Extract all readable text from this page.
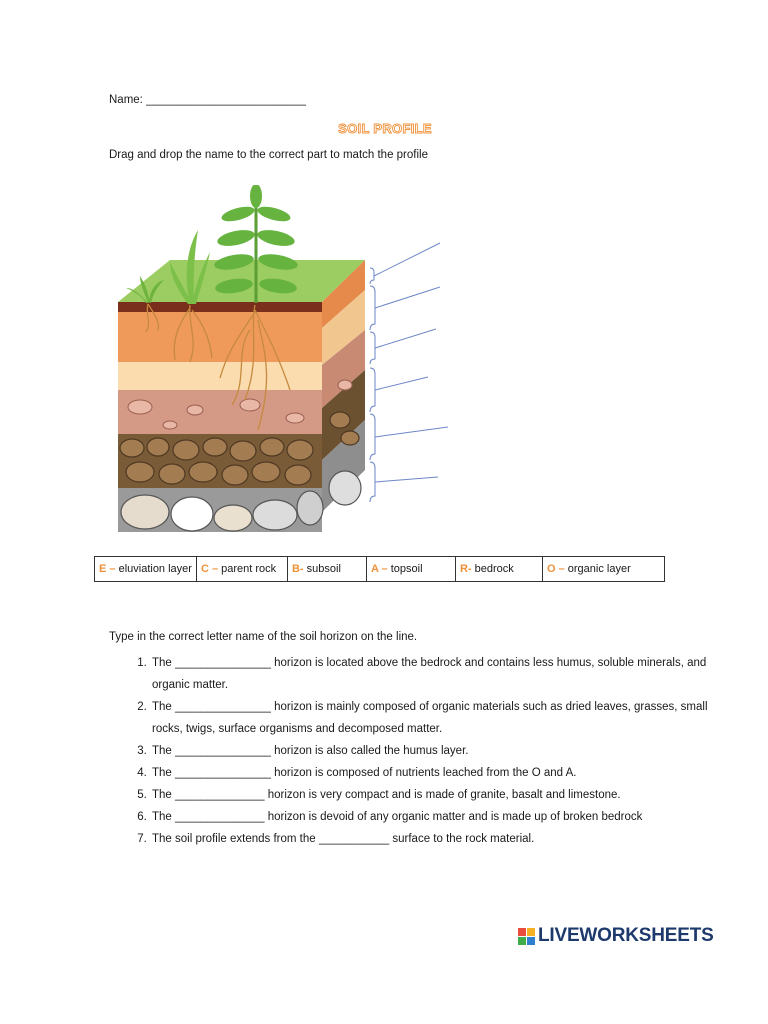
Name: _________________________
SOIL PROFILE
Drag and drop the name to the correct part to match the profile
E – eluviation layer	C – parent rock	B- subsoil	A – topsoil	R- bedrock	O – organic layer
Type in the correct letter name of the soil horizon on the line.
1. The _______________ horizon is located above the bedrock and contains less humus, soluble minerals, and organic matter.
2. The _______________ horizon is mainly composed of organic materials such as dried leaves, grasses, small rocks, twigs, surface organisms and decomposed matter.
3. The _______________ horizon is also called the humus layer.
4. The _______________ horizon is composed of nutrients leached from the O and A.
5. The ______________ horizon is very compact and is made of granite, basalt and limestone.
6. The ______________ horizon is devoid of any organic matter and is made up of broken bedrock
7. The soil profile extends from the ___________ surface to the rock material.
LIVEWORKSHEETS
